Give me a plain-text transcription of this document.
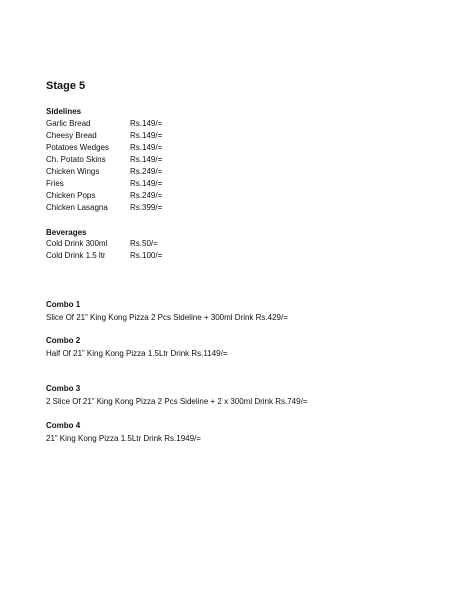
Stage 5
Sidelines
Garlic Bread	Rs.149/=
Cheesy Bread	Rs.149/=
Potatoes Wedges	Rs.149/=
Ch. Potato Skins	Rs.149/=
Chicken Wings	Rs.249/=
Fries	Rs.149/=
Chicken Pops	Rs.249/=
Chicken Lasagna	Rs.399/=
Beverages
Cold Drink 300ml	Rs.50/=
Cold Drink 1.5 ltr	Rs.100/=
Combo 1
Slice Of 21” King Kong Pizza 2 Pcs Sideline + 300ml Drink Rs.429/=
Combo 2
Half Of 21” King Kong Pizza 1.5Ltr Drink Rs.1149/=
Combo 3
2 Slice Of 21” King Kong Pizza 2 Pcs Sideline + 2 x 300ml Drink Rs.749/=
Combo 4
21” King Kong Pizza 1.5Ltr Drink Rs.1949/=
